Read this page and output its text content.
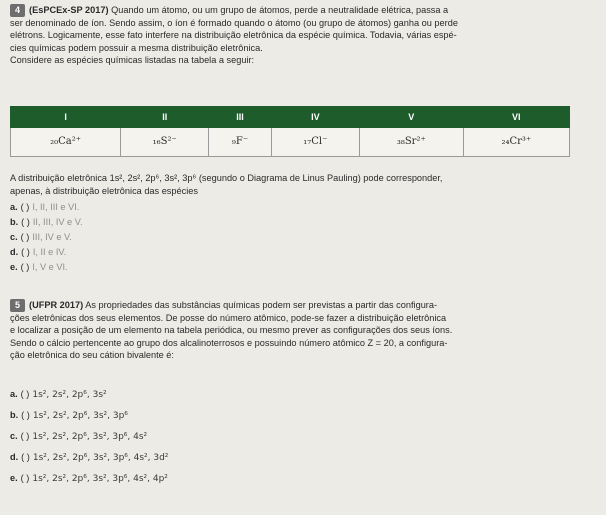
4 (EsPCEx-SP 2017) Quando um átomo, ou um grupo de átomos, perde a neutralidade elétrica, passa a

ser denominado de íon. Sendo assim, o íon é formado quando o átomo (ou grupo de átomos) ganha ou perde

elétrons. Logicamente, esse fato interfere na distribuição eletrônica da espécie química. Todavia, várias espé-

cies químicas podem possuir a mesma distribuição eletrônica.

Considere as espécies químicas listadas na tabela a seguir:

I	II	III	IV	V	VI
₂₀Ca²⁺	₁₆S²⁻	₉F⁻	₁₇Cl⁻	₃₈Sr²⁺	₂₄Cr³⁺

A distribuição eletrônica 1s², 2s², 2p⁶, 3s², 3p⁶ (segundo o Diagrama de Linus Pauling) pode corresponder,

apenas, à distribuição eletrônica das espécies

a. ( ) I, II, III e VI.
b. ( ) II, III, IV e V.
c. ( ) III, IV e V.
d. ( ) I, II e IV.
e. ( ) I, V e VI.

5 (UFPR 2017) As propriedades das substâncias químicas podem ser previstas a partir das configura-

ções eletrônicas dos seus elementos. De posse do número atômico, pode-se fazer a distribuição eletrônica

e localizar a posição de um elemento na tabela periódica, ou mesmo prever as configurações dos seus íons.

Sendo o cálcio pertencente ao grupo dos alcalinoterrosos e possuindo número atômico Z = 20, a configura-

ção eletrônica do seu cátion bivalente é:

a. ( ) 1s², 2s², 2p⁶, 3s²
b. ( ) 1s², 2s², 2p⁶, 3s², 3p⁶
c. ( ) 1s², 2s², 2p⁶, 3s², 3p⁶, 4s²
d. ( ) 1s², 2s², 2p⁶, 3s², 3p⁶, 4s², 3d²
e. ( ) 1s², 2s², 2p⁶, 3s², 3p⁶, 4s², 4p²
